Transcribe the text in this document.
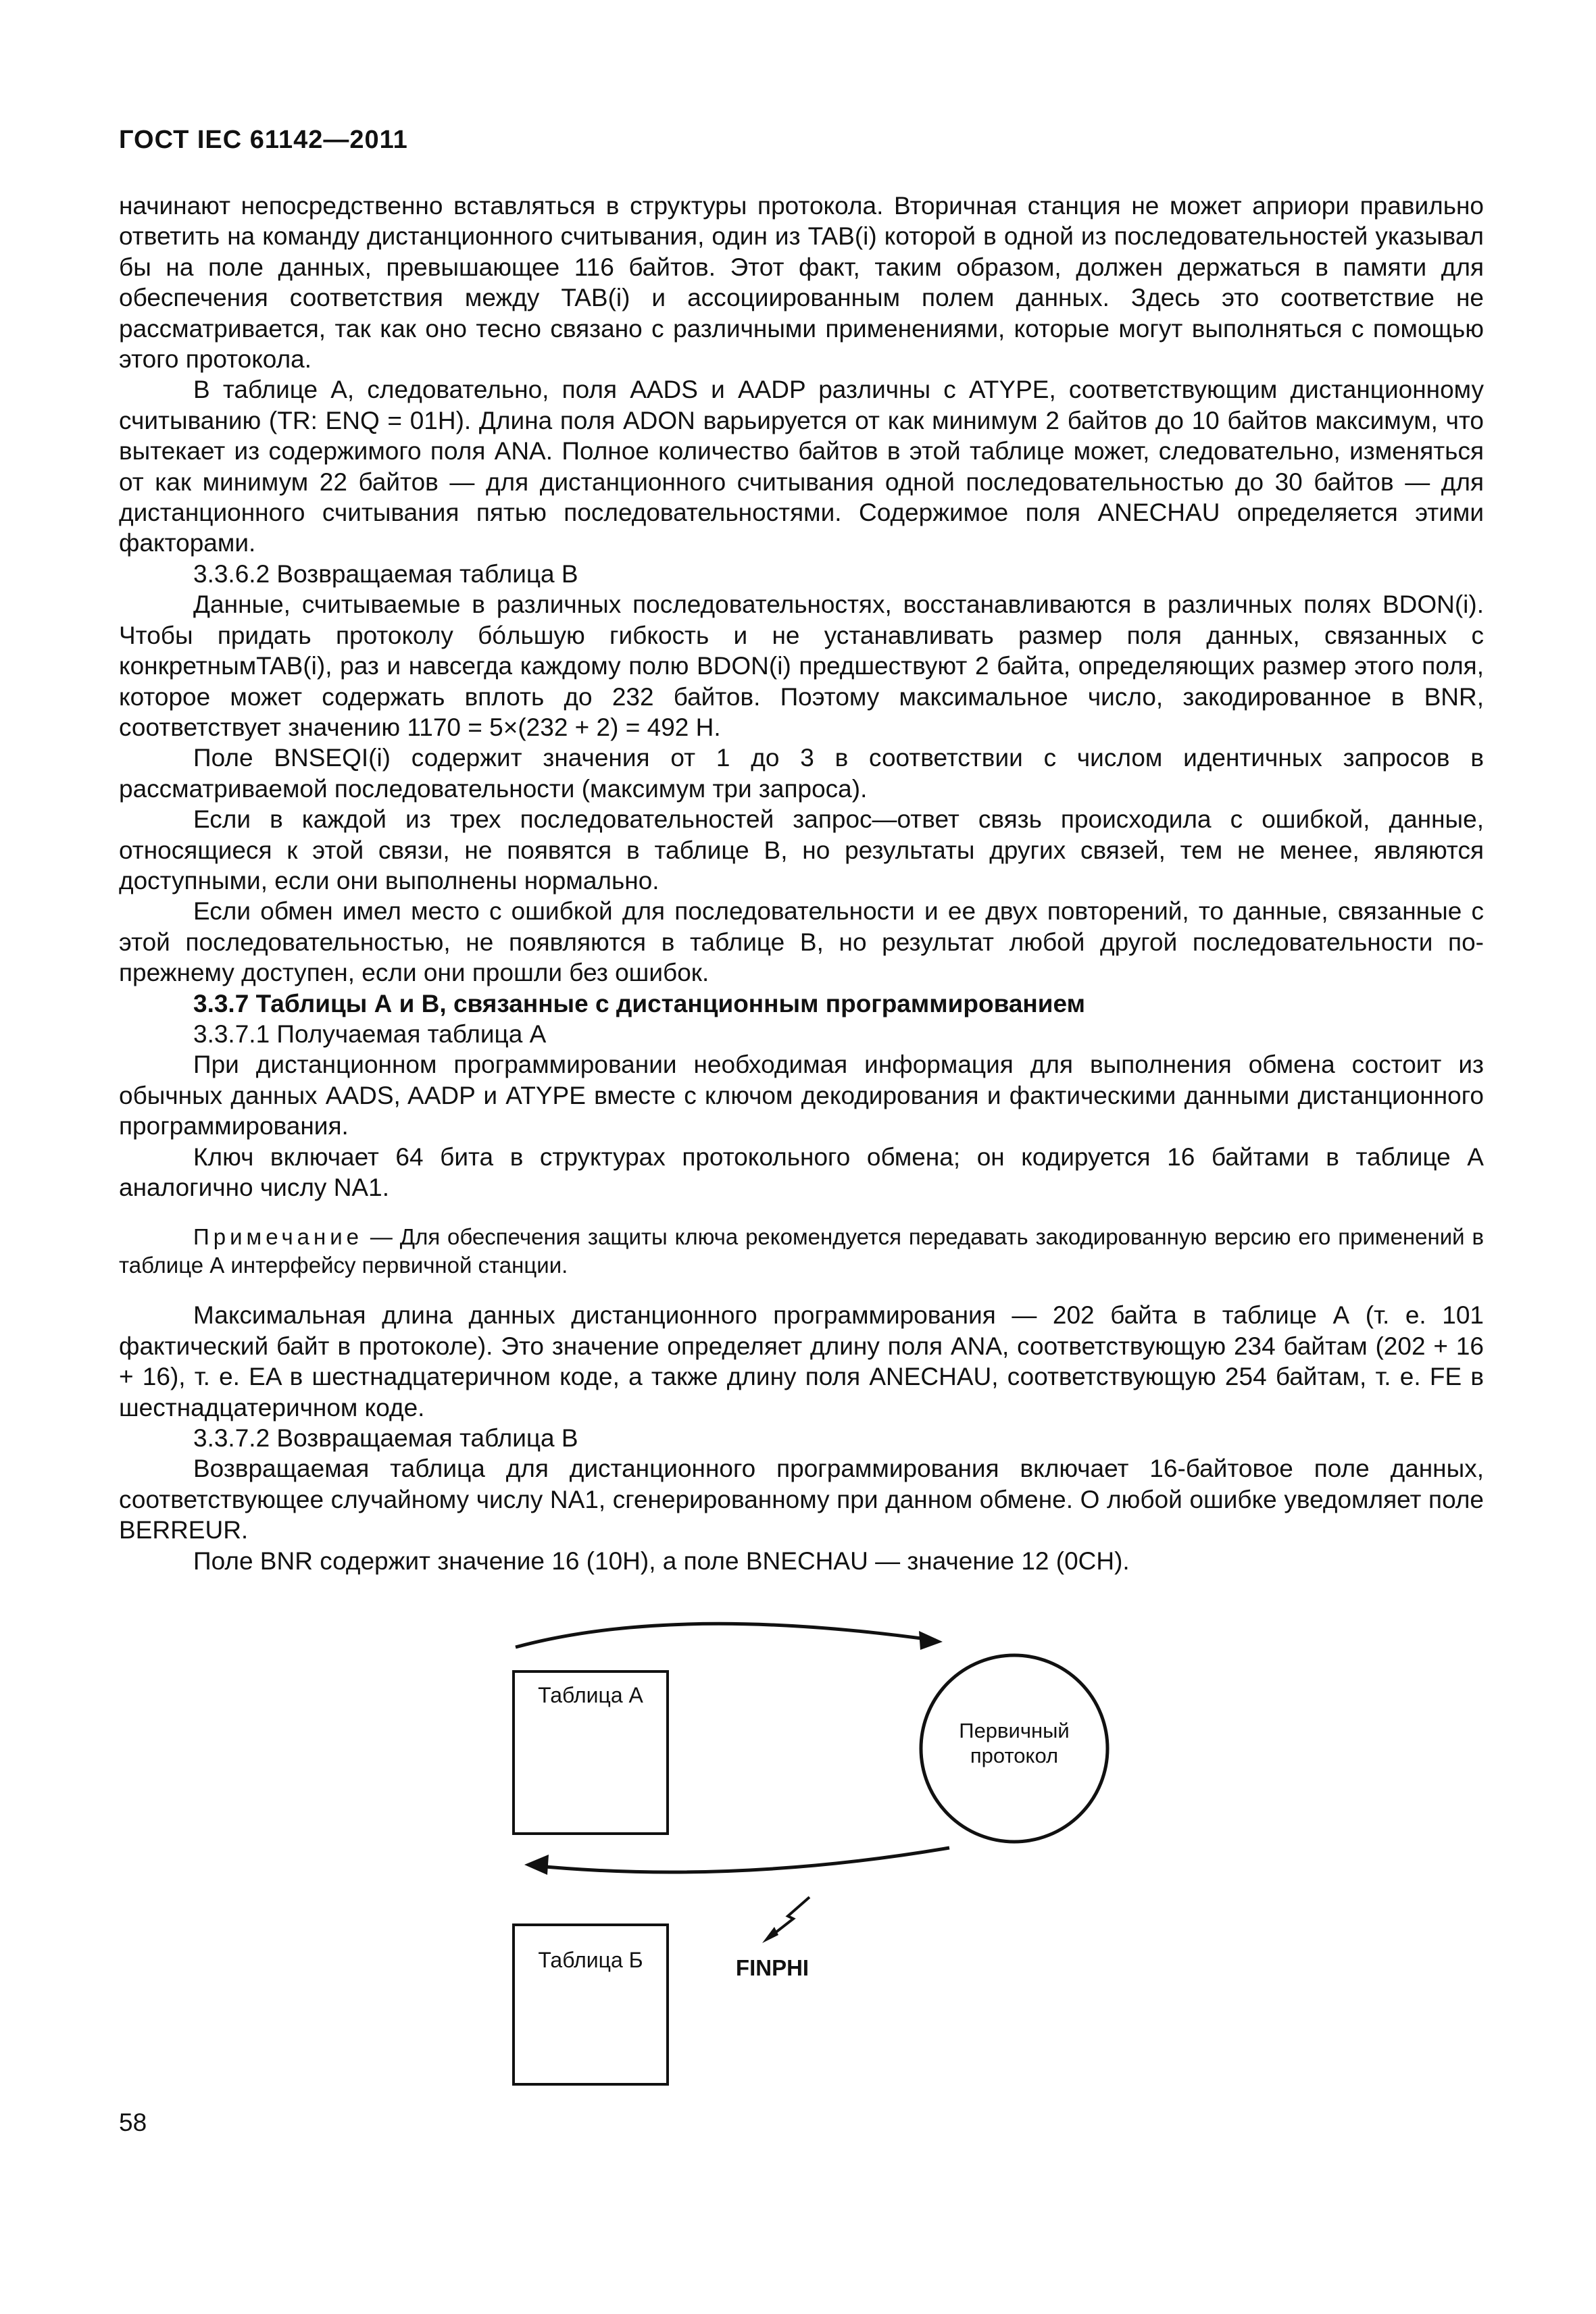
ГОСТ IEC 61142—2011

начинают непосредственно вставляться в структуры протокола. Вторичная станция не может априори правильно ответить на команду дистанционного считывания, один из TAB(i) которой в одной из последовательностей указывал бы на поле данных, превышающее 116 байтов. Этот факт, таким образом, должен держаться в памяти для обеспечения соответствия между TAB(i) и ассоциированным полем данных. Здесь это соответствие не рассматривается, так как оно тесно связано с различными применениями, которые могут выполняться с помощью этого протокола.

В таблице А, следовательно, поля AADS и AADP различны с ATYPE, соответствующим дистанционному считыванию (TR: ENQ = 01H). Длина поля ADON варьируется от как минимум 2 байтов до 10 байтов максимум, что вытекает из содержимого поля ANA. Полное количество байтов в этой таблице может, следовательно, изменяться от как минимум 22 байтов — для дистанционного считывания одной последовательностью до 30 байтов — для дистанционного считывания пятью последовательностями. Содержимое поля ANECHAU определяется этими факторами.

3.3.6.2 Возвращаемая таблица В

Данные, считываемые в различных последовательностях, восстанавливаются в различных полях BDON(i). Чтобы придать протоколу бóльшую гибкость и не устанавливать размер поля данных, связанных с конкретнымTAB(i), раз и навсегда каждому полю BDON(i) предшествуют 2 байта, определяющих размер этого поля, которое может содержать вплоть до 232 байтов. Поэтому максимальное число, закодированное в BNR, соответствует значению 1170 = 5×(232 + 2) = 492 H.

Поле BNSEQI(i) содержит значения от 1 до 3 в соответствии с числом идентичных запросов в рассматриваемой последовательности (максимум три запроса).

Если в каждой из трех последовательностей запрос—ответ связь происходила с ошибкой, данные, относящиеся к этой связи, не появятся в таблице В, но результаты других связей, тем не менее, являются доступными, если они выполнены нормально.

Если обмен имел место с ошибкой для последовательности и ее двух повторений, то данные, связанные с этой последовательностью, не появляются в таблице В, но результат любой другой последовательности по-прежнему доступен, если они прошли без ошибок.

3.3.7 Таблицы А и В, связанные с дистанционным программированием

3.3.7.1 Получаемая таблица А

При дистанционном программировании необходимая информация для выполнения обмена состоит из обычных данных AADS, AADP и ATYPE вместе с ключом декодирования и фактическими данными дистанционного программирования.

Ключ включает 64 бита в структурах протокольного обмена; он кодируется 16 байтами в таблице А аналогично числу NA1.

Примечание — Для обеспечения защиты ключа рекомендуется передавать закодированную версию его применений в таблице А интерфейсу первичной станции.

Максимальная длина данных дистанционного программирования — 202 байта в таблице А (т. е. 101 фактический байт в протоколе). Это значение определяет длину поля ANA, соответствующую 234 байтам (202 + 16 + 16), т. е. EA в шестнадцатеричном коде, а также длину поля ANECHAU, соответствующую 254 байтам, т. е. FE в шестнадцатеричном коде.

3.3.7.2 Возвращаемая таблица В

Возвращаемая таблица для дистанционного программирования включает 16-байтовое поле данных, соответствующее случайному числу NA1, сгенерированному при данном обмене. О любой ошибке уведомляет поле BERREUR.

Поле BNR содержит значение 16 (10H), а поле BNECHAU — значение 12 (0CH).

Таблица А
Первичный
протокол
FINPHI
Таблица Б
58
